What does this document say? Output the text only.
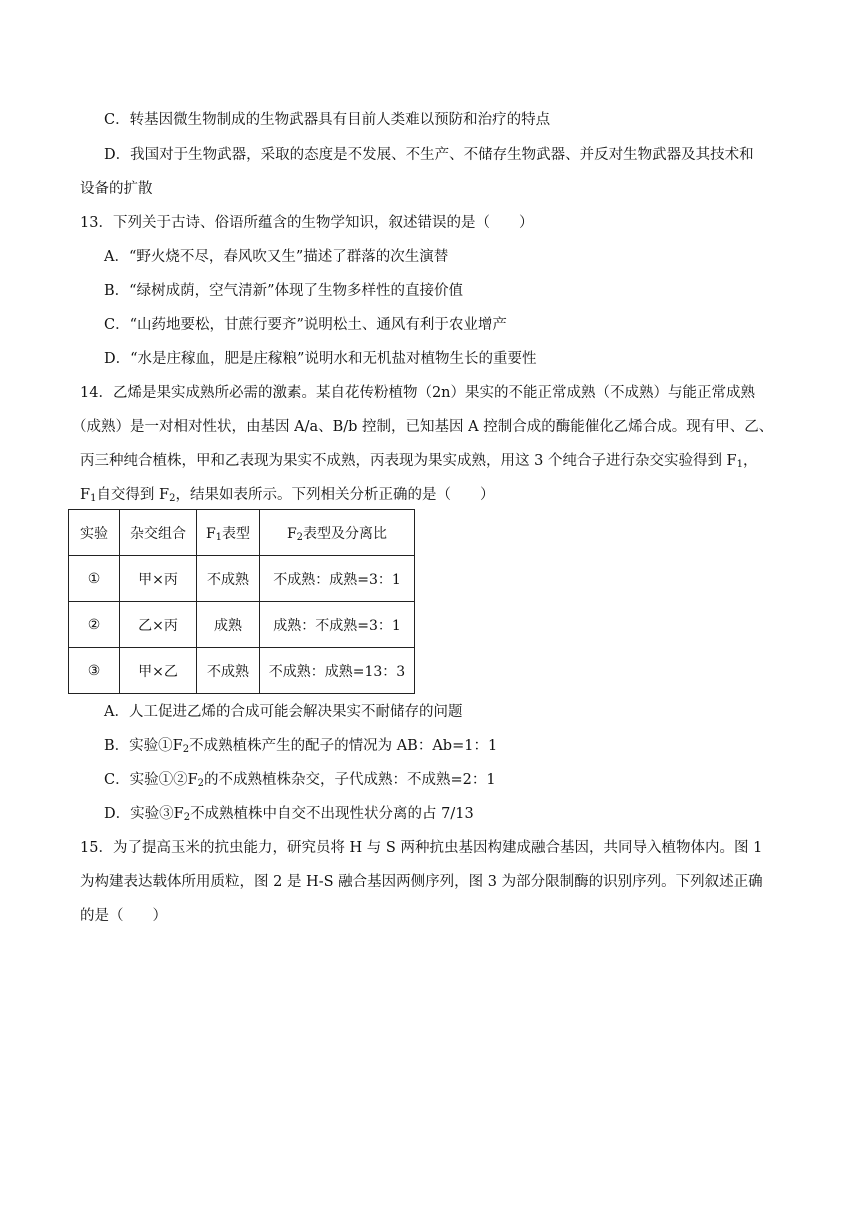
C．转基因微生物制成的生物武器具有目前人类难以预防和治疗的特点
D．我国对于生物武器，采取的态度是不发展、不生产、不储存生物武器、并反对生物武器及其技术和
设备的扩散
13．下列关于古诗、俗语所蕴含的生物学知识，叙述错误的是（　　）
A．“野火烧不尽，春风吹又生”描述了群落的次生演替
B．“绿树成荫，空气清新”体现了生物多样性的直接价值
C．“山药地要松，甘蔗行要齐”说明松土、通风有利于农业增产
D．“水是庄稼血，肥是庄稼粮”说明水和无机盐对植物生长的重要性
14．乙烯是果实成熟所必需的激素。某自花传粉植物（2n）果实的不能正常成熟（不成熟）与能正常成熟
（成熟）是一对相对性状，由基因 A/a、B/b 控制，已知基因 A 控制合成的酶能催化乙烯合成。现有甲、乙、
丙三种纯合植株，甲和乙表现为果实不成熟，丙表现为果实成熟，用这 3 个纯合子进行杂交实验得到 $F_1$，
$F_1$自交得到 $F_2$，结果如表所示。下列相关分析正确的是（　　）
实验	杂交组合	$F_1$表型	$F_2$表型及分离比
①	甲×丙	不成熟	不成熟：成熟=3：1
②	乙×丙	成熟	成熟：不成熟=3：1
③	甲×乙	不成熟	不成熟：成熟=13：3
A．人工促进乙烯的合成可能会解决果实不耐储存的问题
B．实验$①F_2$不成熟植株产生的配子的情况为 AB：Ab=1：1
C．实验$①②F_2$的不成熟植株杂交，子代成熟：不成熟=2：1
D．实验$③F_2$不成熟植株中自交不出现性状分离的占 7/13
15．为了提高玉米的抗虫能力，研究员将 H 与 S 两种抗虫基因构建成融合基因，共同导入植物体内。图 1
为构建表达载体所用质粒，图 2 是 H-S 融合基因两侧序列，图 3 为部分限制酶的识别序列。下列叙述正确
的是（　　）
